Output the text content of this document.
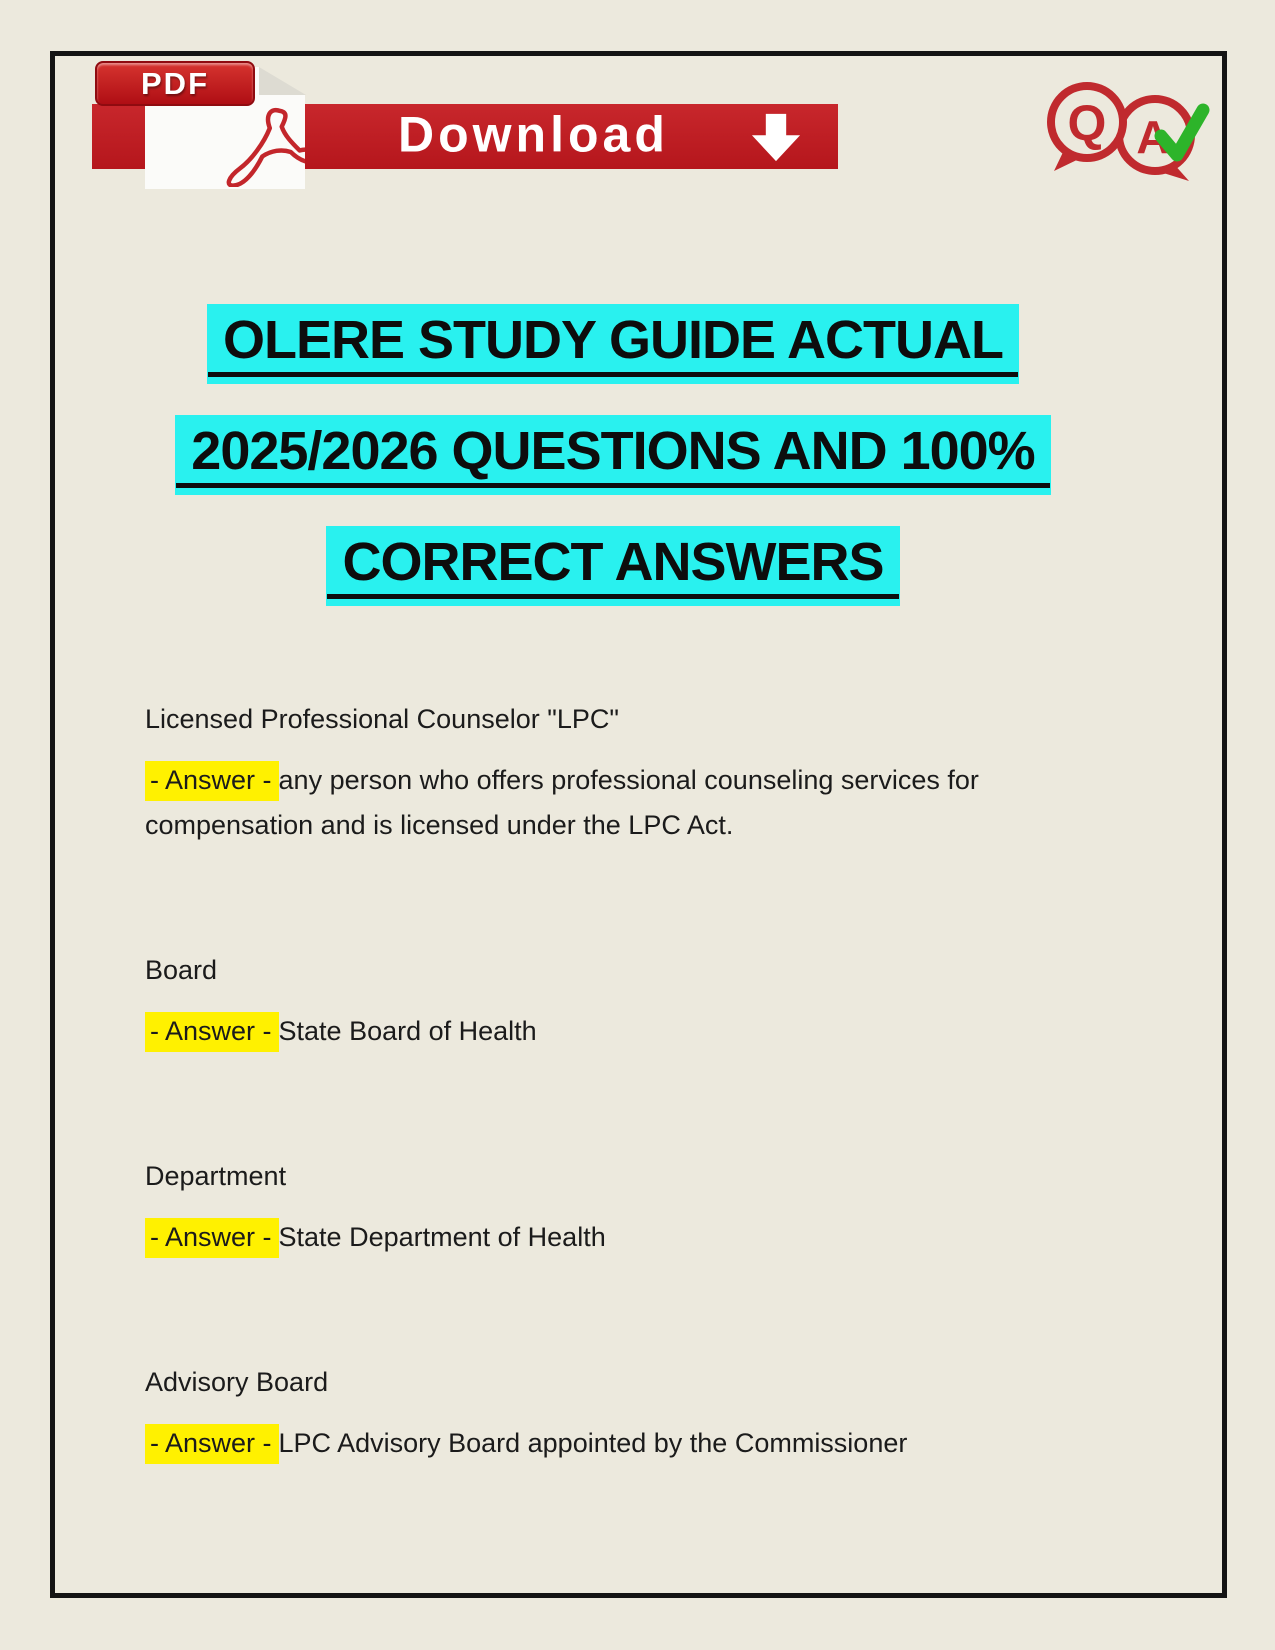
Download
PDF
Q A
OLERE STUDY GUIDE ACTUAL
2025/2026 QUESTIONS AND 100%
CORRECT ANSWERS
Licensed Professional Counselor "LPC"
- Answer - any person who offers professional counseling services for compensation and is licensed under the LPC Act.
Board
- Answer - State Board of Health
Department
- Answer - State Department of Health
Advisory Board
- Answer - LPC Advisory Board appointed by the Commissioner
